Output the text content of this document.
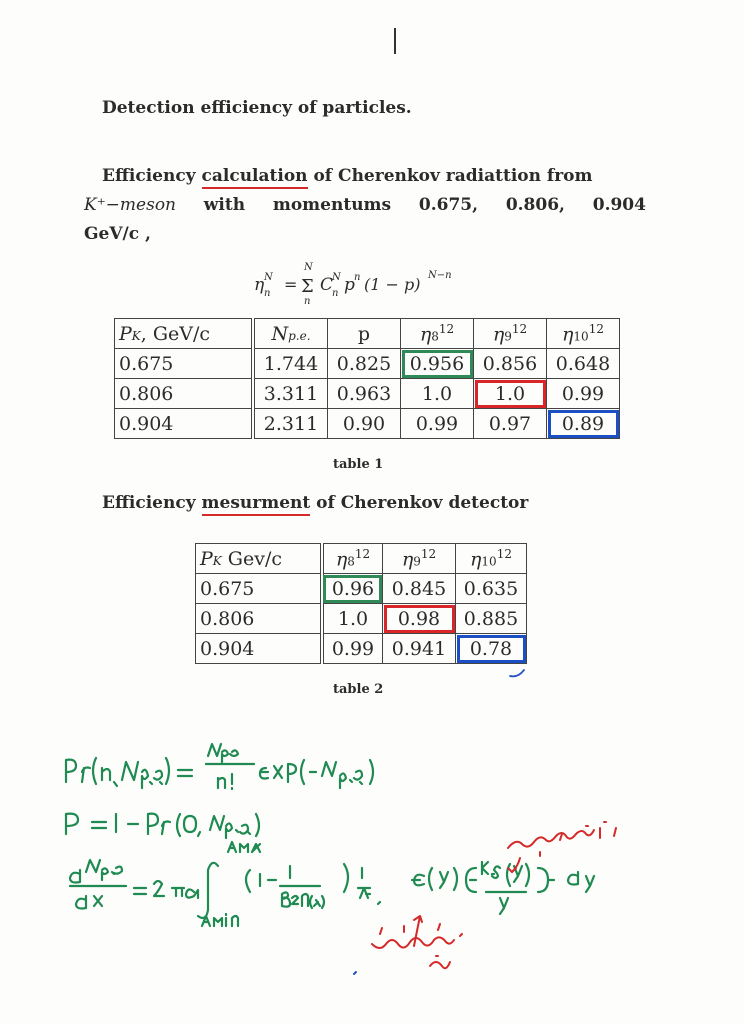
Detection efficiency of particles.
Efficiency calculation of Cherenkov radiattion from
K⁺−meson with momentums 0.675, 0.806, 0.904
GeV/c ,
η n
N =
N
Σ
n
C
n
N p n (1 − p) N−n
PK, GeV/c	Np.e.	p	$\eta 8^{12}$	$\eta 9^{12}$	$\eta 10^{12}$
0.675	1.744	0.825	0.956	0.856	0.648
0.806	3.311	0.963	1.0	1.0	0.99
0.904	2.311	0.90	0.99	0.97	0.89
table 1
Efficiency mesurment of Cherenkov detector
PK Gev/c	$\eta 8^{12}$	$\eta 9^{12}$	$\eta 10^{12}$
0.675	0.96	0.845	0.635
0.806	1.0	0.98	0.885
0.904	0.99	0.941	0.78
table 2
